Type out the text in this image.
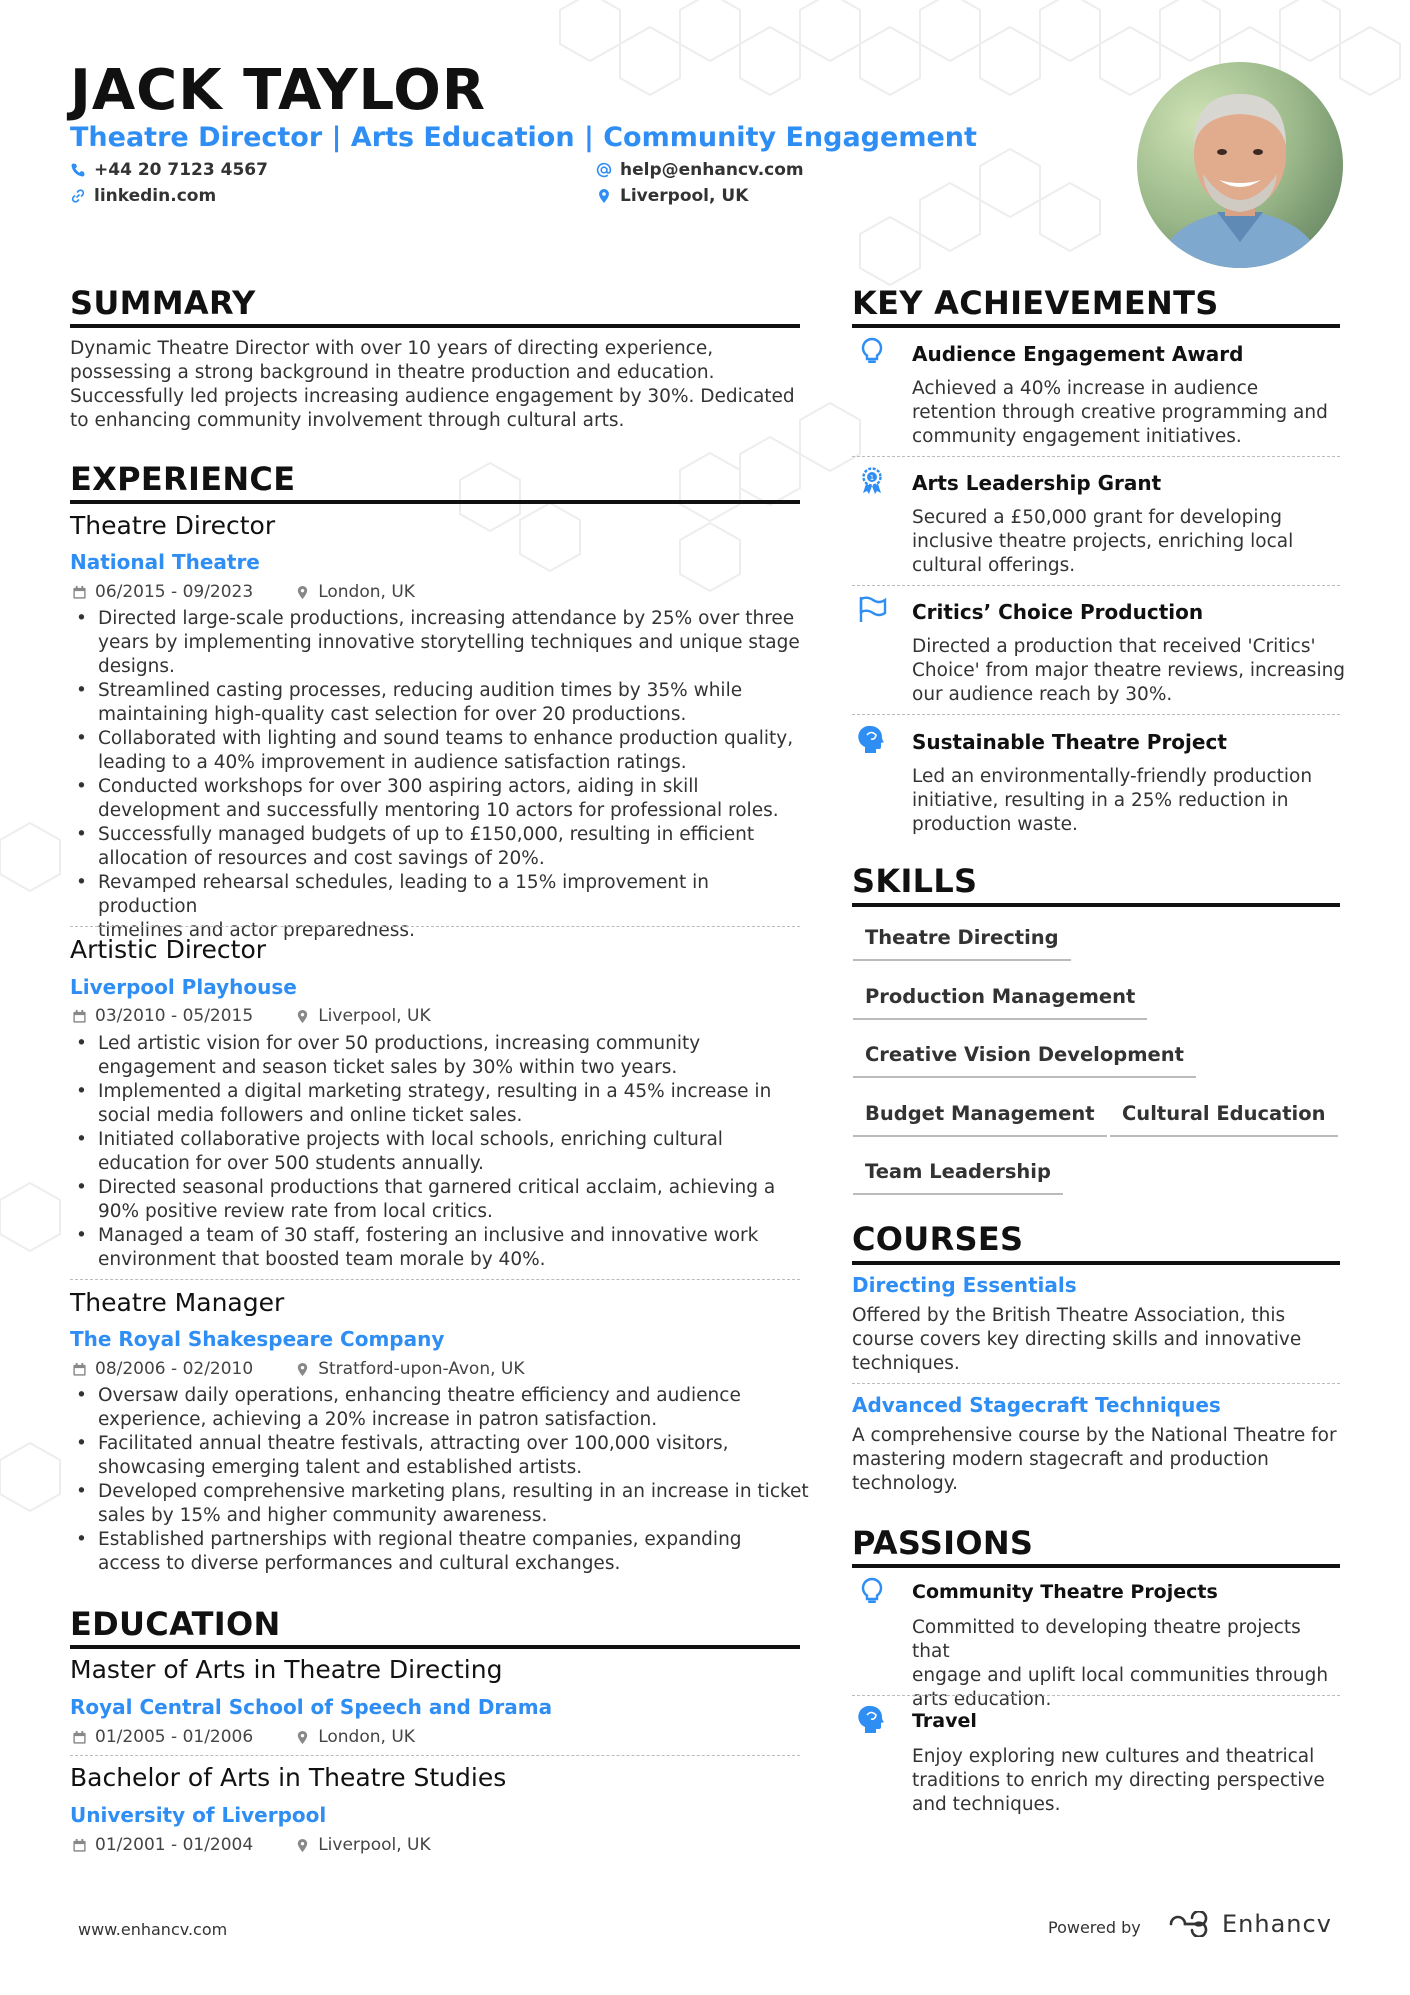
JACK TAYLOR
Theatre Director | Arts Education | Community Engagement
+44 20 7123 4567	help@enhancv.com
linkedin.com	Liverpool, UK
SUMMARY
Dynamic Theatre Director with over 10 years of directing experience,
possessing a strong background in theatre production and education.
Successfully led projects increasing audience engagement by 30%. Dedicated
to enhancing community involvement through cultural arts.
EXPERIENCE
Theatre Director
National Theatre
06/2015 - 09/2023	London, UK
• Directed large-scale productions, increasing attendance by 25% over three
years by implementing innovative storytelling techniques and unique stage
designs.
• Streamlined casting processes, reducing audition times by 35% while
maintaining high-quality cast selection for over 20 productions.
• Collaborated with lighting and sound teams to enhance production quality,
leading to a 40% improvement in audience satisfaction ratings.
• Conducted workshops for over 300 aspiring actors, aiding in skill
development and successfully mentoring 10 actors for professional roles.
• Successfully managed budgets of up to £150,000, resulting in efficient
allocation of resources and cost savings of 20%.
• Revamped rehearsal schedules, leading to a 15% improvement in production
timelines and actor preparedness.
Artistic Director
Liverpool Playhouse
03/2010 - 05/2015	Liverpool, UK
• Led artistic vision for over 50 productions, increasing community
engagement and season ticket sales by 30% within two years.
• Implemented a digital marketing strategy, resulting in a 45% increase in
social media followers and online ticket sales.
• Initiated collaborative projects with local schools, enriching cultural
education for over 500 students annually.
• Directed seasonal productions that garnered critical acclaim, achieving a
90% positive review rate from local critics.
• Managed a team of 30 staff, fostering an inclusive and innovative work
environment that boosted team morale by 40%.
Theatre Manager
The Royal Shakespeare Company
08/2006 - 02/2010	Stratford-upon-Avon, UK
• Oversaw daily operations, enhancing theatre efficiency and audience
experience, achieving a 20% increase in patron satisfaction.
• Facilitated annual theatre festivals, attracting over 100,000 visitors,
showcasing emerging talent and established artists.
• Developed comprehensive marketing plans, resulting in an increase in ticket
sales by 15% and higher community awareness.
• Established partnerships with regional theatre companies, expanding
access to diverse performances and cultural exchanges.
EDUCATION
Master of Arts in Theatre Directing
Royal Central School of Speech and Drama
01/2005 - 01/2006	London, UK
Bachelor of Arts in Theatre Studies
University of Liverpool
01/2001 - 01/2004	Liverpool, UK
KEY ACHIEVEMENTS
Audience Engagement Award
Achieved a 40% increase in audience
retention through creative programming and
community engagement initiatives.
1 Arts Leadership Grant
Secured a £50,000 grant for developing
inclusive theatre projects, enriching local
cultural offerings.
Critics’ Choice Production
Directed a production that received 'Critics'
Choice' from major theatre reviews, increasing
our audience reach by 30%.
Sustainable Theatre Project
Led an environmentally-friendly production
initiative, resulting in a 25% reduction in
production waste.
SKILLS
Theatre Directing
Production Management
Creative Vision Development
Budget Management	Cultural Education
Team Leadership
COURSES
Directing Essentials
Offered by the British Theatre Association, this
course covers key directing skills and innovative
techniques.
Advanced Stagecraft Techniques
A comprehensive course by the National Theatre for
mastering modern stagecraft and production
technology.
PASSIONS
Community Theatre Projects
Committed to developing theatre projects that
engage and uplift local communities through
arts education.
Travel
Enjoy exploring new cultures and theatrical
traditions to enrich my directing perspective
and techniques.
www.enhancv.com	Powered by	Enhancv
